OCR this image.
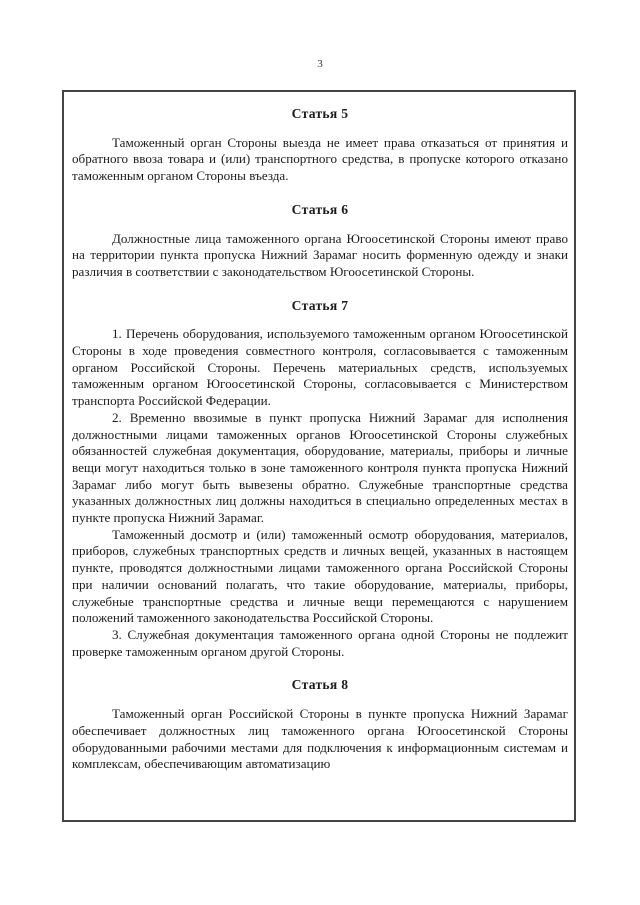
3
Статья 5

Таможенный орган Стороны выезда не имеет права отказаться от принятия и обратного ввоза товара и (или) транспортного средства, в пропуске которого отказано таможенным органом Стороны въезда.

Статья 6

Должностные лица таможенного органа Югоосетинской Стороны имеют право на территории пункта пропуска Нижний Зарамаг носить форменную одежду и знаки различия в соответствии с законодательством Югоосетинской Стороны.

Статья 7

1. Перечень оборудования, используемого таможенным органом Югоосетинской Стороны в ходе проведения совместного контроля, согласовывается с таможенным органом Российской Стороны. Перечень материальных средств, используемых таможенным органом Югоосетинской Стороны, согласовывается с Министерством транспорта Российской Федерации.

2. Временно ввозимые в пункт пропуска Нижний Зарамаг для исполнения должностными лицами таможенных органов Югоосетинской Стороны служебных обязанностей служебная документация, оборудование, материалы, приборы и личные вещи могут находиться только в зоне таможенного контроля пункта пропуска Нижний Зарамаг либо могут быть вывезены обратно. Служебные транспортные средства указанных должностных лиц должны находиться в специально определенных местах в пункте пропуска Нижний Зарамаг.

Таможенный досмотр и (или) таможенный осмотр оборудования, материалов, приборов, служебных транспортных средств и личных вещей, указанных в настоящем пункте, проводятся должностными лицами таможенного органа Российской Стороны при наличии оснований полагать, что такие оборудование, материалы, приборы, служебные транспортные средства и личные вещи перемещаются с нарушением положений таможенного законодательства Российской Стороны.

3. Служебная документация таможенного органа одной Стороны не подлежит проверке таможенным органом другой Стороны.

Статья 8

Таможенный орган Российской Стороны в пункте пропуска Нижний Зарамаг обеспечивает должностных лиц таможенного органа Югоосетинской Стороны оборудованными рабочими местами для подключения к информационным системам и комплексам, обеспечивающим автоматизацию
